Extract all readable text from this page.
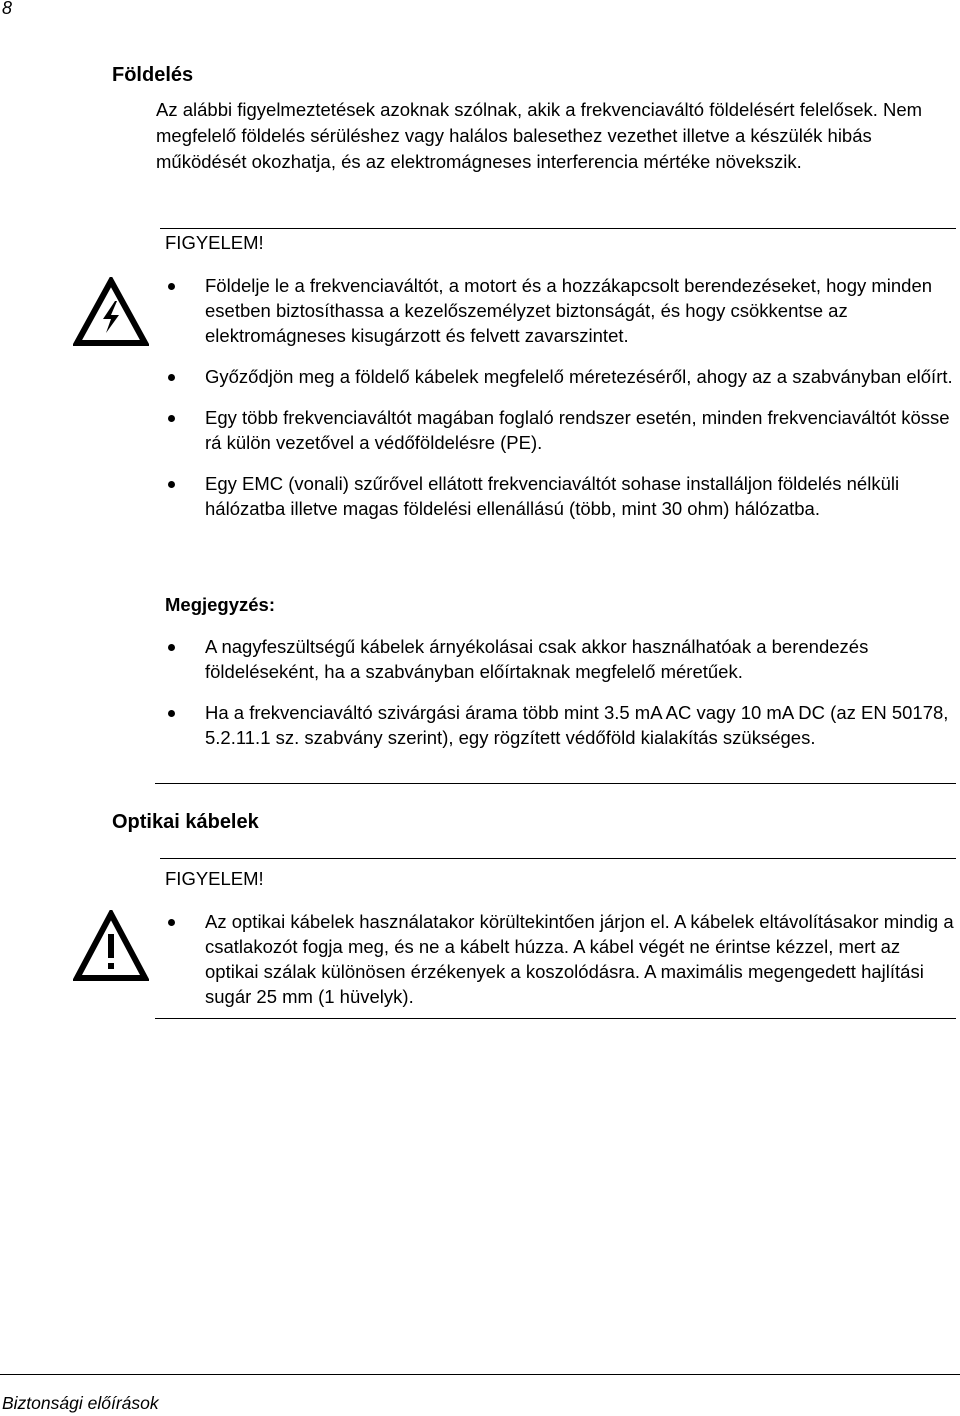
8
Földelés
Az alábbi figyelmeztetések azoknak szólnak, akik a frekvenciaváltó földelésért felelősek. Nem megfelelő földelés sérüléshez vagy halálos balesethez vezethet illetve a készülék hibás működését okozhatja, és az elektromágneses interferencia mértéke növekszik.
FIGYELEM!
Földelje le a frekvenciaváltót, a motort és a hozzákapcsolt berendezéseket, hogy minden esetben biztosíthassa a kezelőszemélyzet biztonságát, és hogy csökkentse az elektromágneses kisugárzott és felvett zavarszintet.
Győződjön meg a földelő kábelek megfelelő méretezéséről, ahogy az a szabványban előírt.
Egy több frekvenciaváltót magában foglaló rendszer esetén, minden frekvenciaváltót kösse rá külön vezetővel a védőföldelésre (PE).
Egy EMC (vonali) szűrővel ellátott frekvenciaváltót sohase installáljon földelés nélküli hálózatba illetve magas földelési ellenállású (több, mint 30 ohm) hálózatba.
Megjegyzés:
A nagyfeszültségű kábelek árnyékolásai csak akkor használhatóak a berendezés földeléseként, ha a szabványban előírtaknak megfelelő méretűek.
Ha a frekvenciaváltó szivárgási árama több mint 3.5 mA AC vagy 10 mA DC (az EN 50178, 5.2.11.1 sz. szabvány szerint), egy rögzített védőföld kialakítás szükséges.
Optikai kábelek
FIGYELEM!
Az optikai kábelek használatakor körültekintően járjon el. A kábelek eltávolításakor mindig a csatlakozót fogja meg, és ne a kábelt húzza. A kábel végét ne érintse kézzel, mert az optikai szálak különösen érzékenyek a koszolódásra. A maximális megengedett hajlítási sugár 25 mm (1 hüvelyk).
Biztonsági előírások
